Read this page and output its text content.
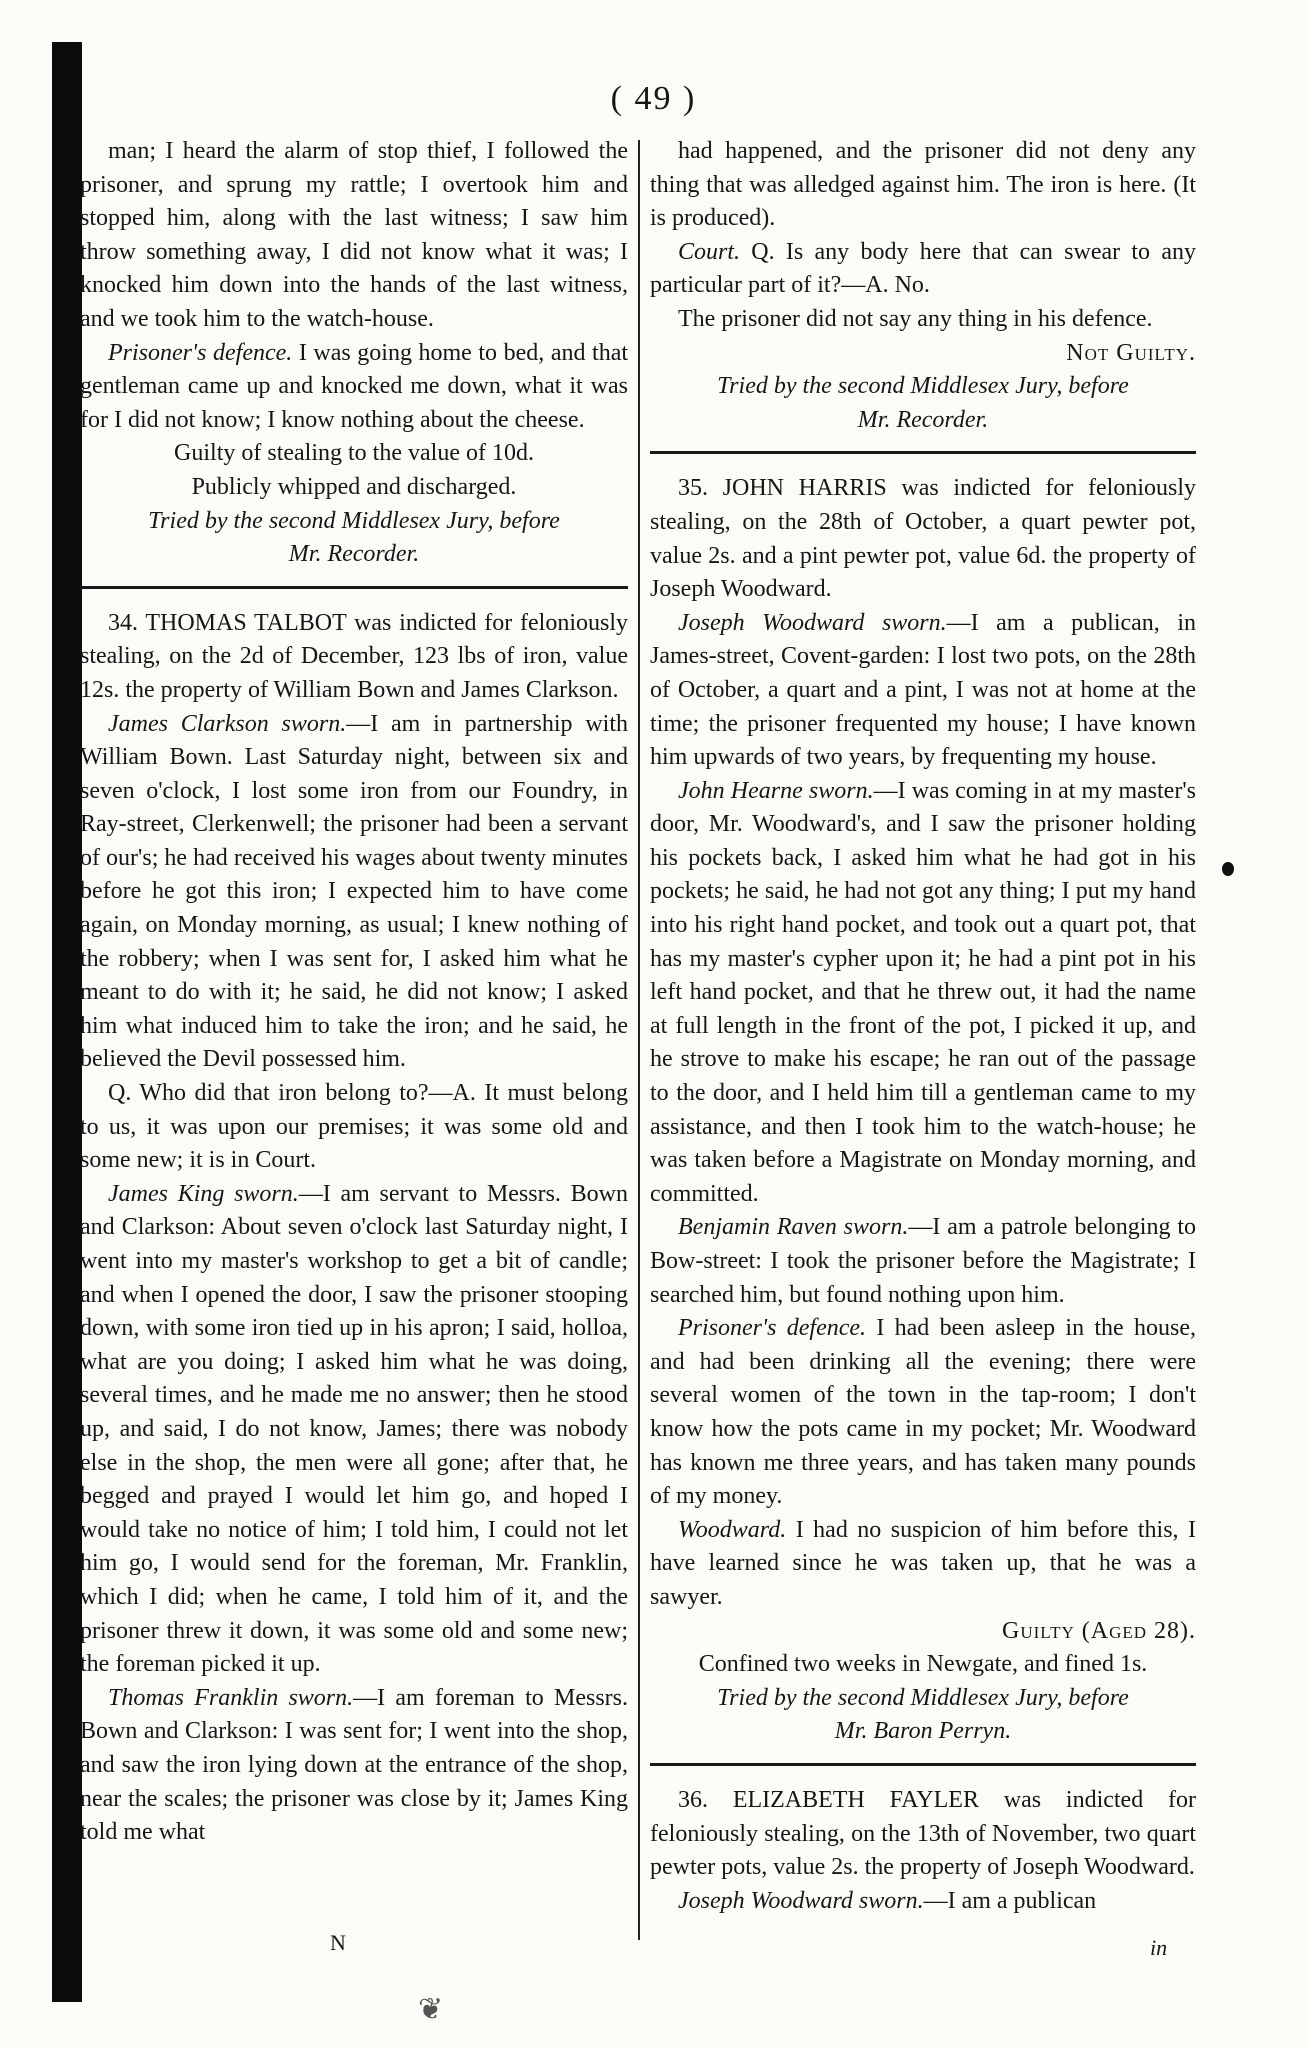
( 49 )

man; I heard the alarm of stop thief, I followed the prisoner, and sprung my rattle; I overtook him and stopped him, along with the last witness; I saw him throw something away, I did not know what it was; I knocked him down into the hands of the last witness, and we took him to the watch-house.

Prisoner's defence. I was going home to bed, and that gentleman came up and knocked me down, what it was for I did not know; I know nothing about the cheese.

Guilty of stealing to the value of 10d.

Publicly whipped and discharged.

Tried by the second Middlesex Jury, before

Mr. Recorder.

34. THOMAS TALBOT was indicted for feloniously stealing, on the 2d of December, 123 lbs of iron, value 12s. the property of William Bown and James Clarkson.

James Clarkson sworn.—I am in partnership with William Bown. Last Saturday night, between six and seven o'clock, I lost some iron from our Foundry, in Ray-street, Clerkenwell; the prisoner had been a servant of our's; he had received his wages about twenty minutes before he got this iron; I expected him to have come again, on Monday morning, as usual; I knew nothing of the robbery; when I was sent for, I asked him what he meant to do with it; he said, he did not know; I asked him what induced him to take the iron; and he said, he believed the Devil possessed him.

Q. Who did that iron belong to?—A. It must belong to us, it was upon our premises; it was some old and some new; it is in Court.

James King sworn.—I am servant to Messrs. Bown and Clarkson: About seven o'clock last Saturday night, I went into my master's workshop to get a bit of candle; and when I opened the door, I saw the prisoner stooping down, with some iron tied up in his apron; I said, holloa, what are you doing; I asked him what he was doing, several times, and he made me no answer; then he stood up, and said, I do not know, James; there was nobody else in the shop, the men were all gone; after that, he begged and prayed I would let him go, and hoped I would take no notice of him; I told him, I could not let him go, I would send for the foreman, Mr. Franklin, which I did; when he came, I told him of it, and the prisoner threw it down, it was some old and some new; the foreman picked it up.

Thomas Franklin sworn.—I am foreman to Messrs. Bown and Clarkson: I was sent for; I went into the shop, and saw the iron lying down at the entrance of the shop, near the scales; the prisoner was close by it; James King told me what

had happened, and the prisoner did not deny any thing that was alledged against him. The iron is here. (It is produced).

Court. Q. Is any body here that can swear to any particular part of it?—A. No.

The prisoner did not say any thing in his defence.

Not Guilty.

Tried by the second Middlesex Jury, before

Mr. Recorder.

35. JOHN HARRIS was indicted for feloniously stealing, on the 28th of October, a quart pewter pot, value 2s. and a pint pewter pot, value 6d. the property of Joseph Woodward.

Joseph Woodward sworn.—I am a publican, in James-street, Covent-garden: I lost two pots, on the 28th of October, a quart and a pint, I was not at home at the time; the prisoner frequented my house; I have known him upwards of two years, by frequenting my house.

John Hearne sworn.—I was coming in at my master's door, Mr. Woodward's, and I saw the prisoner holding his pockets back, I asked him what he had got in his pockets; he said, he had not got any thing; I put my hand into his right hand pocket, and took out a quart pot, that has my master's cypher upon it; he had a pint pot in his left hand pocket, and that he threw out, it had the name at full length in the front of the pot, I picked it up, and he strove to make his escape; he ran out of the passage to the door, and I held him till a gentleman came to my assistance, and then I took him to the watch-house; he was taken before a Magistrate on Monday morning, and committed.

Benjamin Raven sworn.—I am a patrole belonging to Bow-street: I took the prisoner before the Magistrate; I searched him, but found nothing upon him.

Prisoner's defence. I had been asleep in the house, and had been drinking all the evening; there were several women of the town in the tap-room; I don't know how the pots came in my pocket; Mr. Woodward has known me three years, and has taken many pounds of my money.

Woodward. I had no suspicion of him before this, I have learned since he was taken up, that he was a sawyer.

Guilty (Aged 28).

Confined two weeks in Newgate, and fined 1s.

Tried by the second Middlesex Jury, before

Mr. Baron Perryn.

36. ELIZABETH FAYLER was indicted for feloniously stealing, on the 13th of November, two quart pewter pots, value 2s. the property of Joseph Woodward.

Joseph Woodward sworn.—I am a publican

N	in
❦
